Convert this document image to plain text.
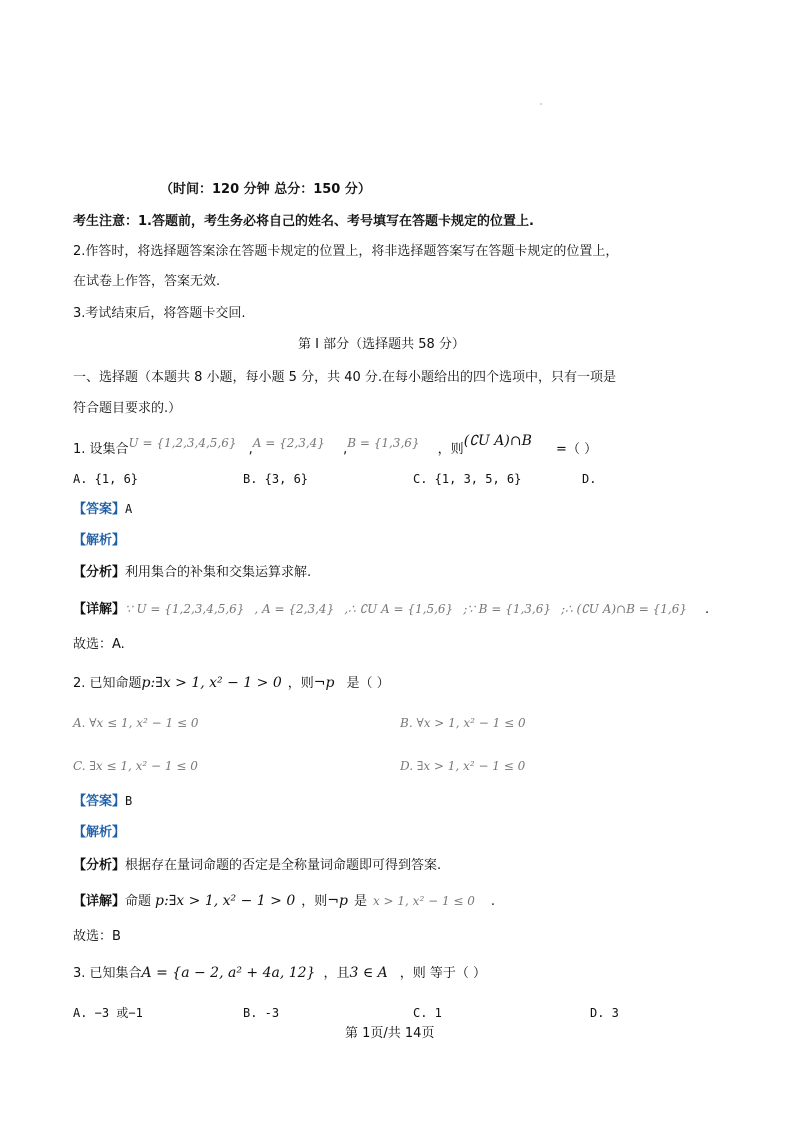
（时间：120 分钟 总分：150 分）
考生注意：1.答题前，考生务必将自己的姓名、考号填写在答题卡规定的位置上.
2.作答时，将选择题答案涂在答题卡规定的位置上，将非选择题答案写在答题卡规定的位置上，
在试卷上作答，答案无效.
3.考试结束后，将答题卡交回.
第 I 部分（选择题共 58 分）
一、选择题（本题共 8 小题，每小题 5 分，共 40 分.在每小题给出的四个选项中，只有一项是
符合题目要求的.）
1. 设集合U = {1,2,3,4,5,6} ,A = {2,3,4} ,B = {1,3,6} ，则(∁U A)∩B =（ ）
A. {1, 6}	B. {3, 6}	C. {1, 3, 5, 6}	D.
【答案】A
【解析】
【分析】利用集合的补集和交集运算求解.
【详解】∵ U = {1,2,3,4,5,6} , A = {2,3,4} ,∴ ∁U A = {1,5,6} ;∵ B = {1,3,6} ;∴ (∁U A)∩B = {1,6} .
故选：A.
2. 已知命题p:∃x > 1, x² − 1 > 0 ，则¬p 是（ ）
A. ∀x ≤ 1, x² − 1 ≤ 0	B. ∀x > 1, x² − 1 ≤ 0
C. ∃x ≤ 1, x² − 1 ≤ 0	D. ∃x > 1, x² − 1 ≤ 0
【答案】B
【解析】
【分析】根据存在量词命题的否定是全称量词命题即可得到答案.
【详解】命题 p:∃x > 1, x² − 1 > 0 ，则¬p 是 x > 1, x² − 1 ≤ 0 .
故选：B
3. 已知集合A = {a − 2, a² + 4a, 12} ，且3 ∈ A ，则 等于（ ）
A. −3 或−1	B. -3	C. 1	D. 3
第 1页/共 14页
